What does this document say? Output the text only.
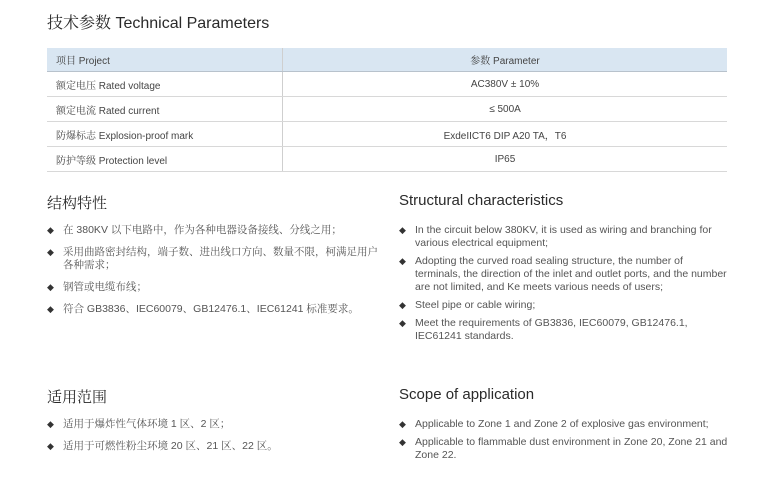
技术参数 Technical Parameters
项目 Project	参数 Parameter
额定电压 Rated voltage	AC380V ± 10%
额定电流 Rated current	≤ 500A
防爆标志 Explosion-proof mark	ExdeIICT6 DIP A20 TA，T6
防护等级 Protection level	IP65
结构特性
◆ 在 380KV 以下电路中，作为各种电器设备接线、分线之用；
◆ 采用曲路密封结构，端子数、进出线口方向、数量不限，柯满足用户各种需求；
◆ 钢管或电缆布线；
◆ 符合 GB3836、IEC60079、GB12476.1、IEC61241 标准要求。
Structural characteristics
◆ In the circuit below 380KV, it is used as wiring and branching for various electrical equipment;
◆ Adopting the curved road sealing structure, the number of terminals, the direction of the inlet and outlet ports, and the number are not limited, and Ke meets various needs of users;
◆ Steel pipe or cable wiring;
◆ Meet the requirements of GB3836, IEC60079, GB12476.1, IEC61241 standards.
适用范围
◆ 适用于爆炸性气体环境 1 区、2 区；
◆ 适用于可燃性粉尘环境 20 区、21 区、22 区。
Scope of application
◆ Applicable to Zone 1 and Zone 2 of explosive gas environment;
◆ Applicable to flammable dust environment in Zone 20, Zone 21 and Zone 22.
